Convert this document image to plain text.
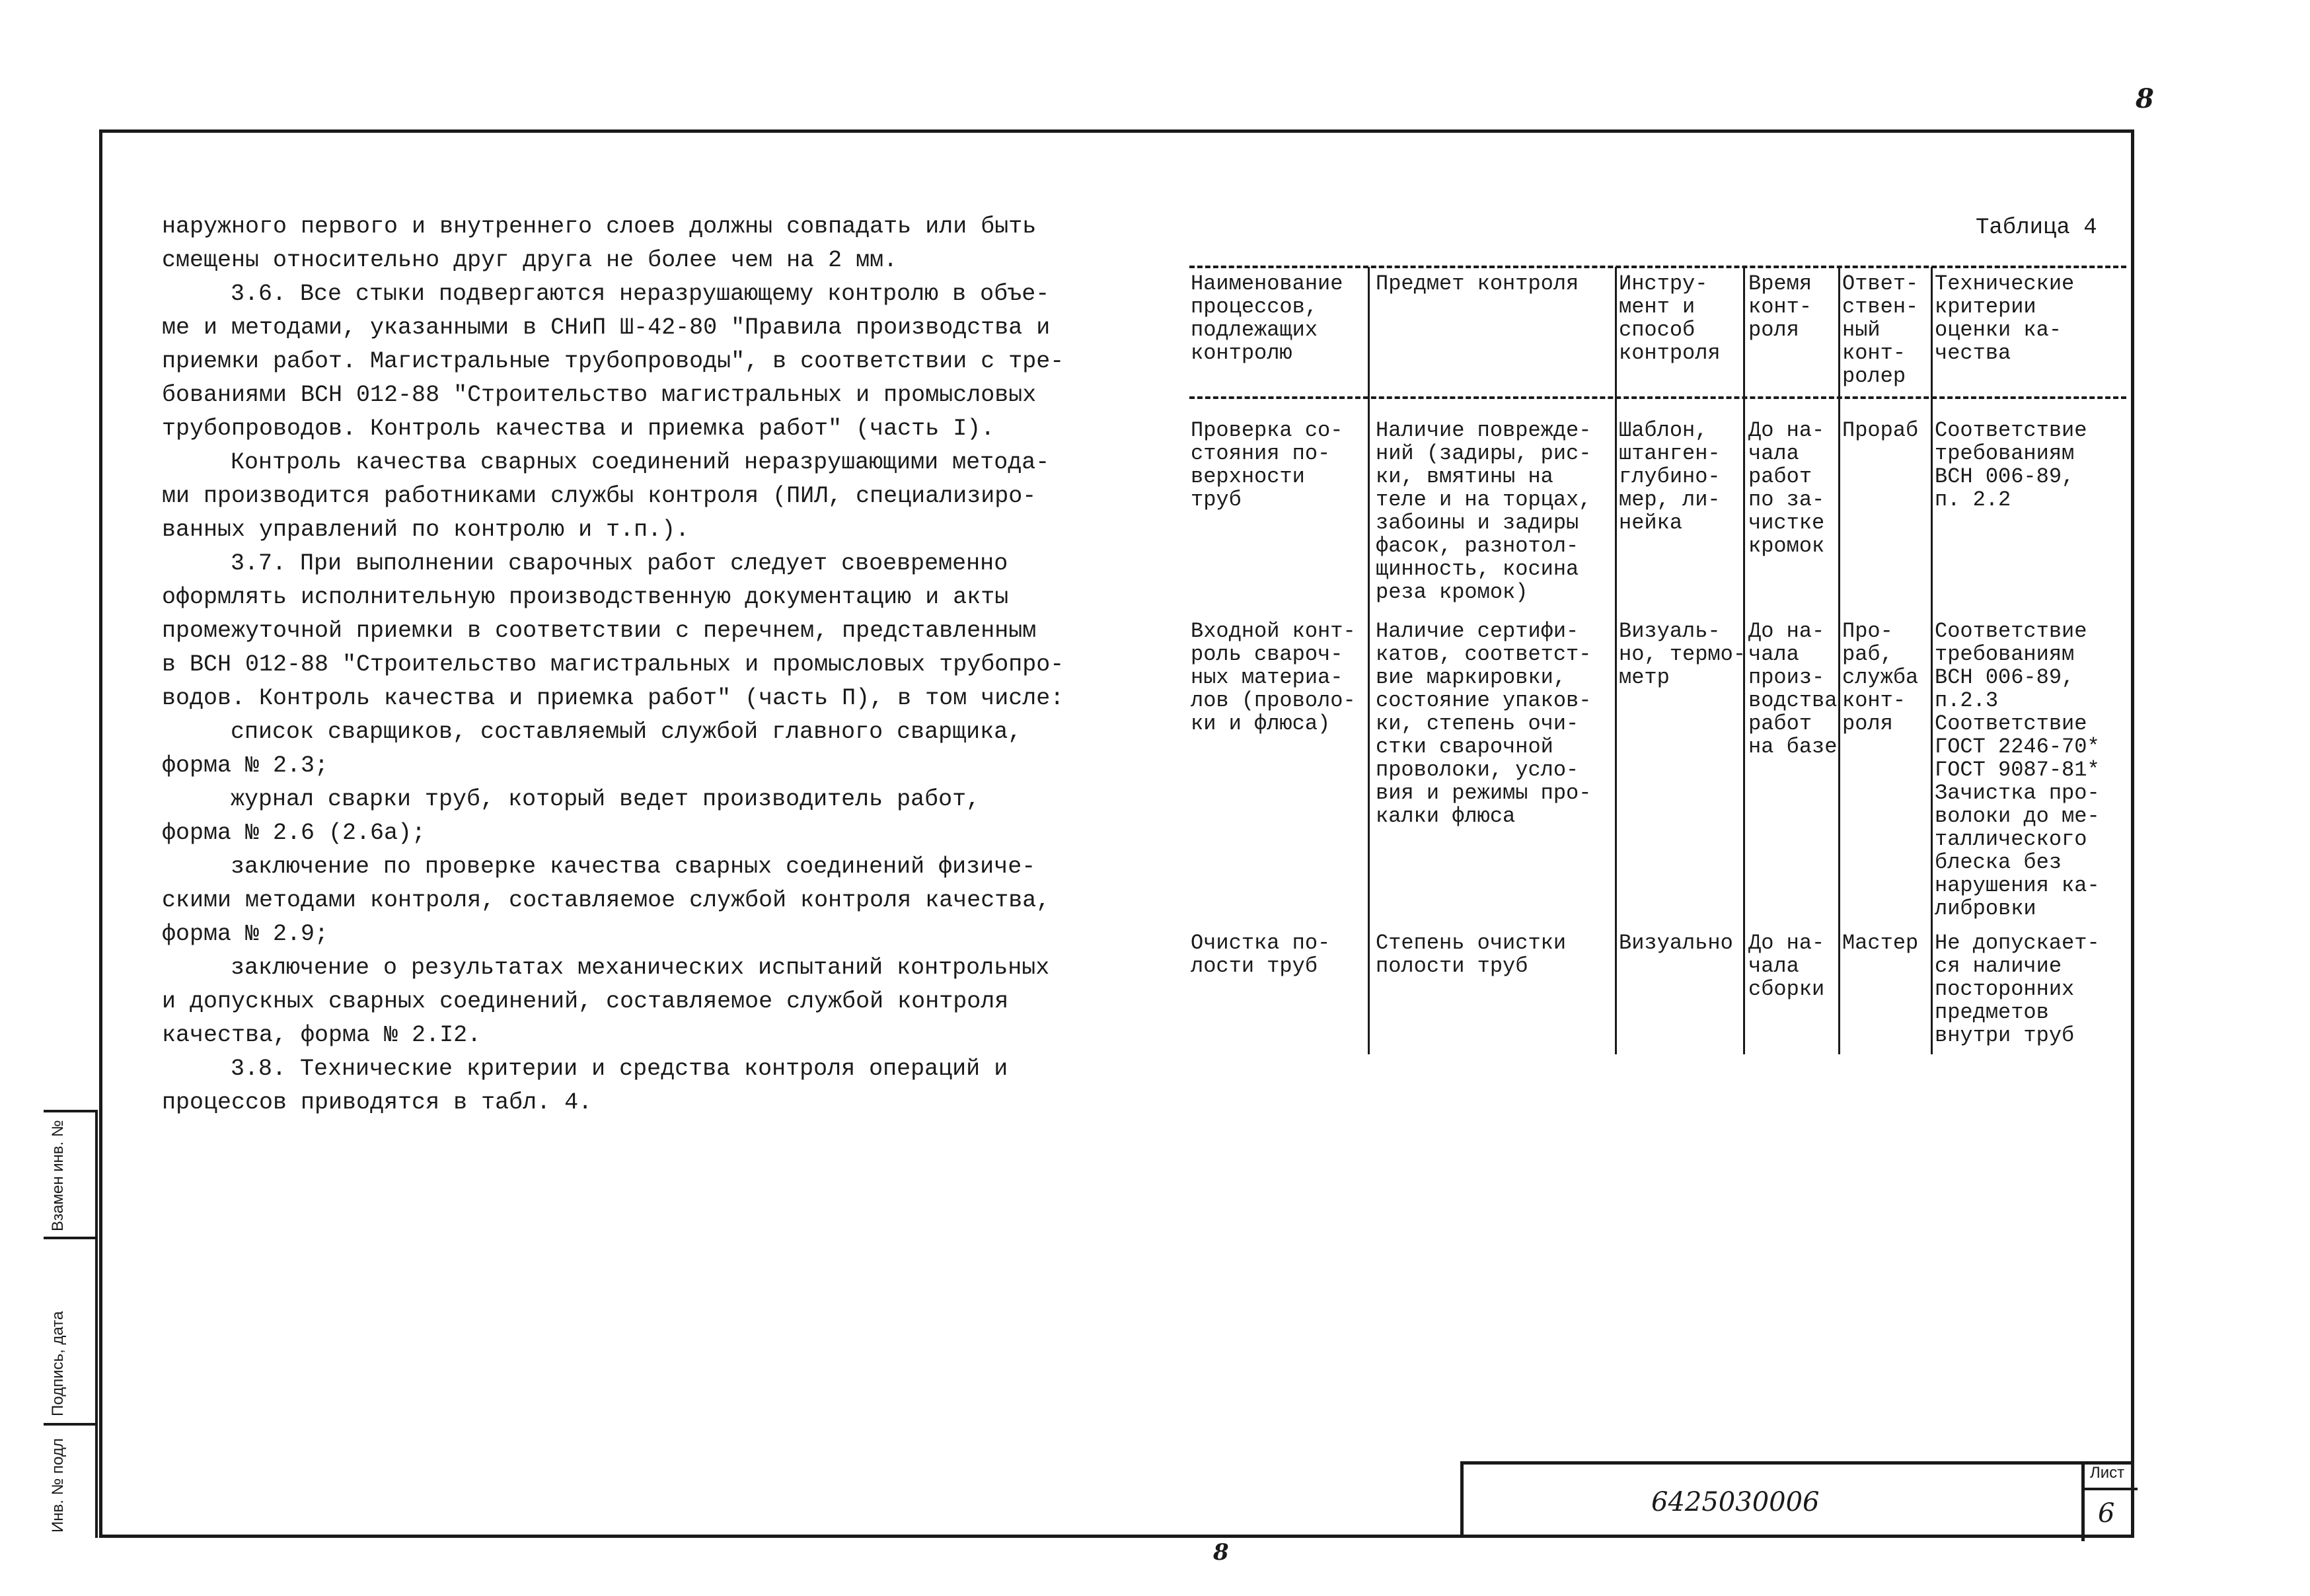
8
8

наружного первого и внутреннего слоев должны совпадать или быть

смещены относительно друг друга не более чем на 2 мм.

3.6. Все стыки подвергаются неразрушающему контролю в объе-

ме и методами, указанными в СНиП Ш-42-80 "Правила производства и

приемки работ. Магистральные трубопроводы", в соответствии с тре-

бованиями ВСН 012-88 "Строительство магистральных и промысловых

трубопроводов. Контроль качества и приемка работ" (часть I).

Контроль качества сварных соединений неразрушающими метода-

ми производится работниками службы контроля (ПИЛ, специализиро-

ванных управлений по контролю и т.п.).

3.7. При выполнении сварочных работ следует своевременно

оформлять исполнительную производственную документацию и акты

промежуточной приемки в соответствии с перечнем, представленным

в ВСН 012-88 "Строительство магистральных и промысловых трубопро-

водов. Контроль качества и приемка работ" (часть П), в том числе:

список сварщиков, составляемый службой главного сварщика,

форма № 2.3;

журнал сварки труб, который ведет производитель работ,

форма № 2.6 (2.6а);

заключение по проверке качества сварных соединений физиче-

скими методами контроля, составляемое службой контроля качества,

форма № 2.9;

заключение о результатах механических испытаний контрольных

и допускных сварных соединений, составляемое службой контроля

качества, форма № 2.I2.

3.8. Технические критерии и средства контроля операций и

процессов приводятся в табл. 4.

Таблица 4
Наименование
процессов,
подлежащих
контролю
Предмет контроля Инстру-
мент и
способ
контроля
Время
конт-
роля
Ответ-
ствен-
ный
конт-
ролер
Технические
критерии
оценки ка-
чества
Проверка со-
стояния по-
верхности
труб
Наличие поврежде-
ний (задиры, рис-
ки, вмятины на
теле и на торцах,
забоины и задиры
фасок, разнотол-
щинность, косина
реза кромок)
Шаблон,
штанген-
глубино-
мер, ли-
нейка
До на-
чала
работ
по за-
чистке
кромок
Прораб Соответствие
требованиям
ВСН 006-89,
п. 2.2
Входной конт-
роль свароч-
ных материа-
лов (проволо-
ки и флюса)
Наличие сертифи-
катов, соответст-
вие маркировки,
состояние упаков-
ки, степень очи-
стки сварочной
проволоки, усло-
вия и режимы про-
калки флюса
Визуаль-
но, термо-
метр
До на-
чала
произ-
водства
работ
на базе
Про-
раб,
служба
конт-
роля
Соответствие
требованиям
ВСН 006-89,
п.2.3
Соответствие
ГОСТ 2246-70*
ГОСТ 9087-81*
Зачистка про-
волоки до ме-
таллического
блеска без
нарушения ка-
либровки
Очистка по-
лости труб
Степень очистки
полости труб
Визуально До на-
чала
сборки
Мастер Не допускает-
ся наличие
посторонних
предметов
внутри труб
Взамен инв. №
Подпись, дата
Инв. № подл	6425030006
Лист
6
